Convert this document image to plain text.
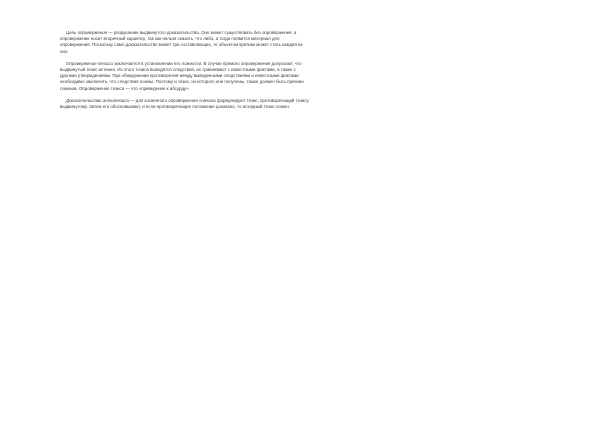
Цель опровержения — разрушение выдвинутого доказательства. Оно может существовать без опровержения, а опровержение носит вторичный характер, так как нельзя сказать, что либо, а тогда появится материал для опровержения. Поскольку само доказательство может три составляющих, то объектом критики может стать каждая из них:

Опровержение тезиса заключается в установлении его ложности. В случае прямого опровержения допускают, что выдвинутый тезис истинен. Из этого тезиса выводятся следствия, их сравнивают с известными фактами, а также с другими утверждениями. При обнаружении противоречия между выведенными следствиями и известными фактами необходимо заключить, что следствия ложны. Поэтому и тезис, из которого они получены, также должен быть признан ложным. Опровержение тезиса — это «приведение к абсурду».

Доказательство антитезиса — для косвенного опровержения сначала формулируют тезис, противоречащий тезису выдвинутому. Затем его обосновывают, и если противоречащее положение доказано, то исходный тезис ложен.
